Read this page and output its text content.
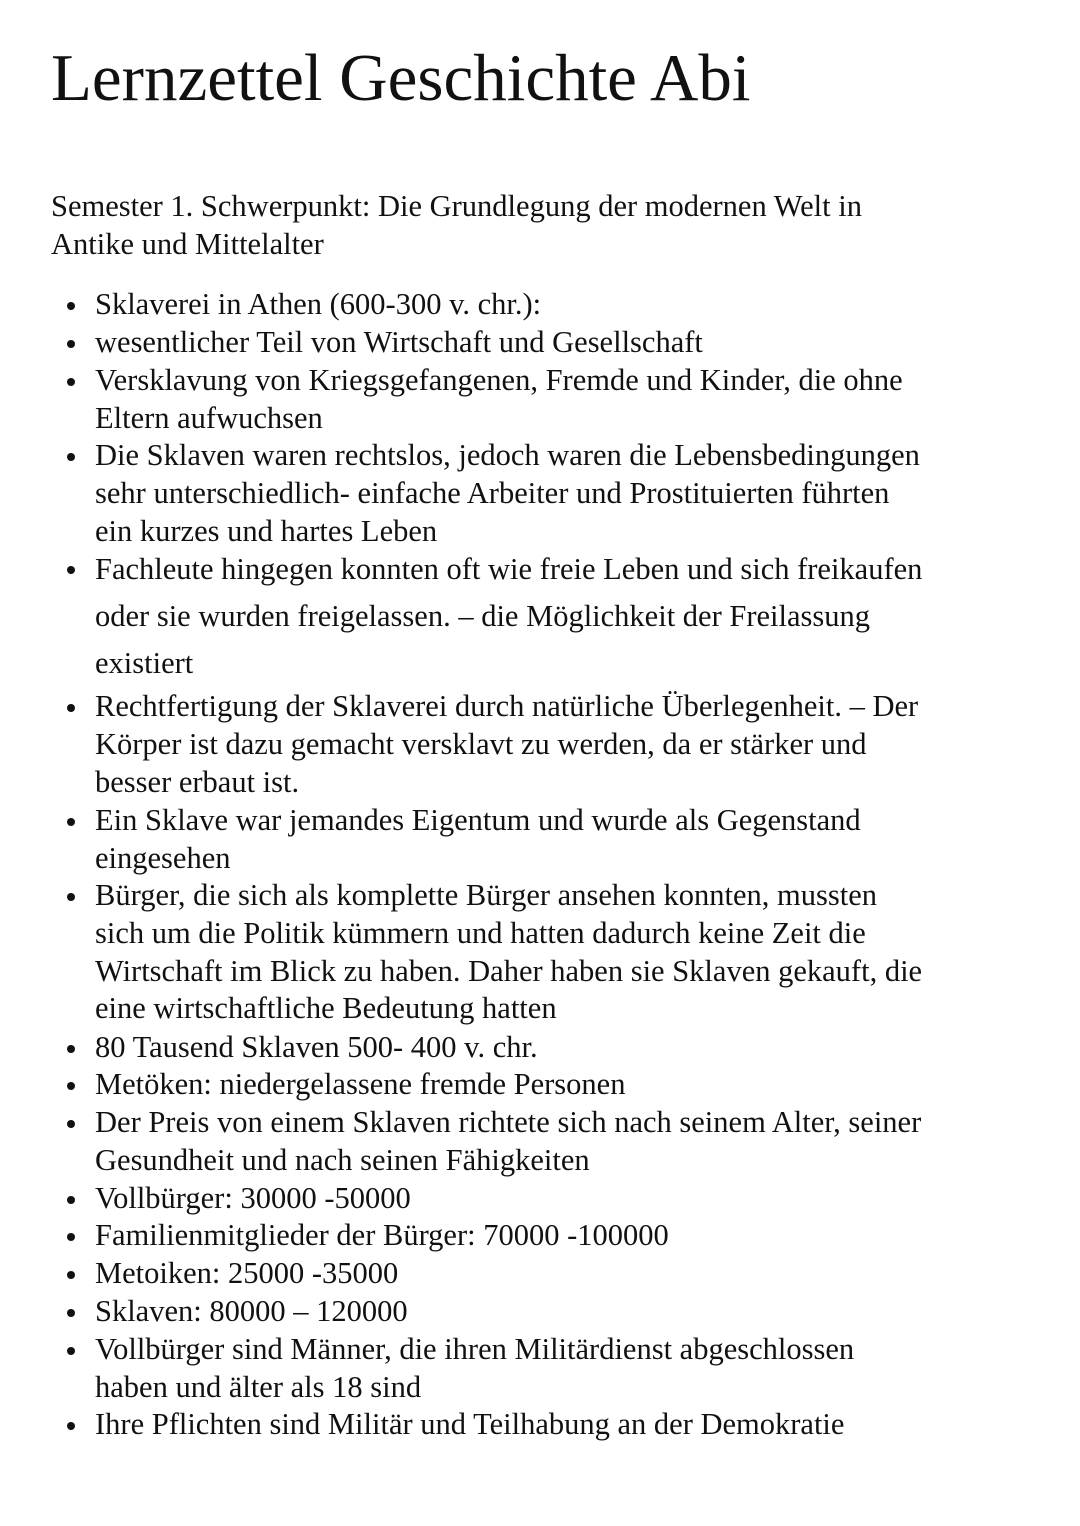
Lernzettel Geschichte Abi

Semester 1. Schwerpunkt: Die Grundlegung der modernen Welt in
Antike und Mittelalter

Sklaverei in Athen (600-300 v. chr.):
wesentlicher Teil von Wirtschaft und Gesellschaft
Versklavung von Kriegsgefangenen, Fremde und Kinder, die ohne
Eltern aufwuchsen
Die Sklaven waren rechtslos, jedoch waren die Lebensbedingungen
sehr unterschiedlich- einfache Arbeiter und Prostituierten führten
ein kurzes und hartes Leben
Fachleute hingegen konnten oft wie freie Leben und sich freikaufen
oder sie wurden freigelassen. – die Möglichkeit der Freilassung
existiert
Rechtfertigung der Sklaverei durch natürliche Überlegenheit. – Der
Körper ist dazu gemacht versklavt zu werden, da er stärker und
besser erbaut ist.
Ein Sklave war jemandes Eigentum und wurde als Gegenstand
eingesehen
Bürger, die sich als komplette Bürger ansehen konnten, mussten
sich um die Politik kümmern und hatten dadurch keine Zeit die
Wirtschaft im Blick zu haben. Daher haben sie Sklaven gekauft, die
eine wirtschaftliche Bedeutung hatten
80 Tausend Sklaven 500- 400 v. chr.
Metöken: niedergelassene fremde Personen
Der Preis von einem Sklaven richtete sich nach seinem Alter, seiner
Gesundheit und nach seinen Fähigkeiten
Vollbürger: 30000 -50000
Familienmitglieder der Bürger: 70000 -100000
Metoiken: 25000 -35000
Sklaven: 80000 – 120000
Vollbürger sind Männer, die ihren Militärdienst abgeschlossen
haben und älter als 18 sind
Ihre Pflichten sind Militär und Teilhabung an der Demokratie
